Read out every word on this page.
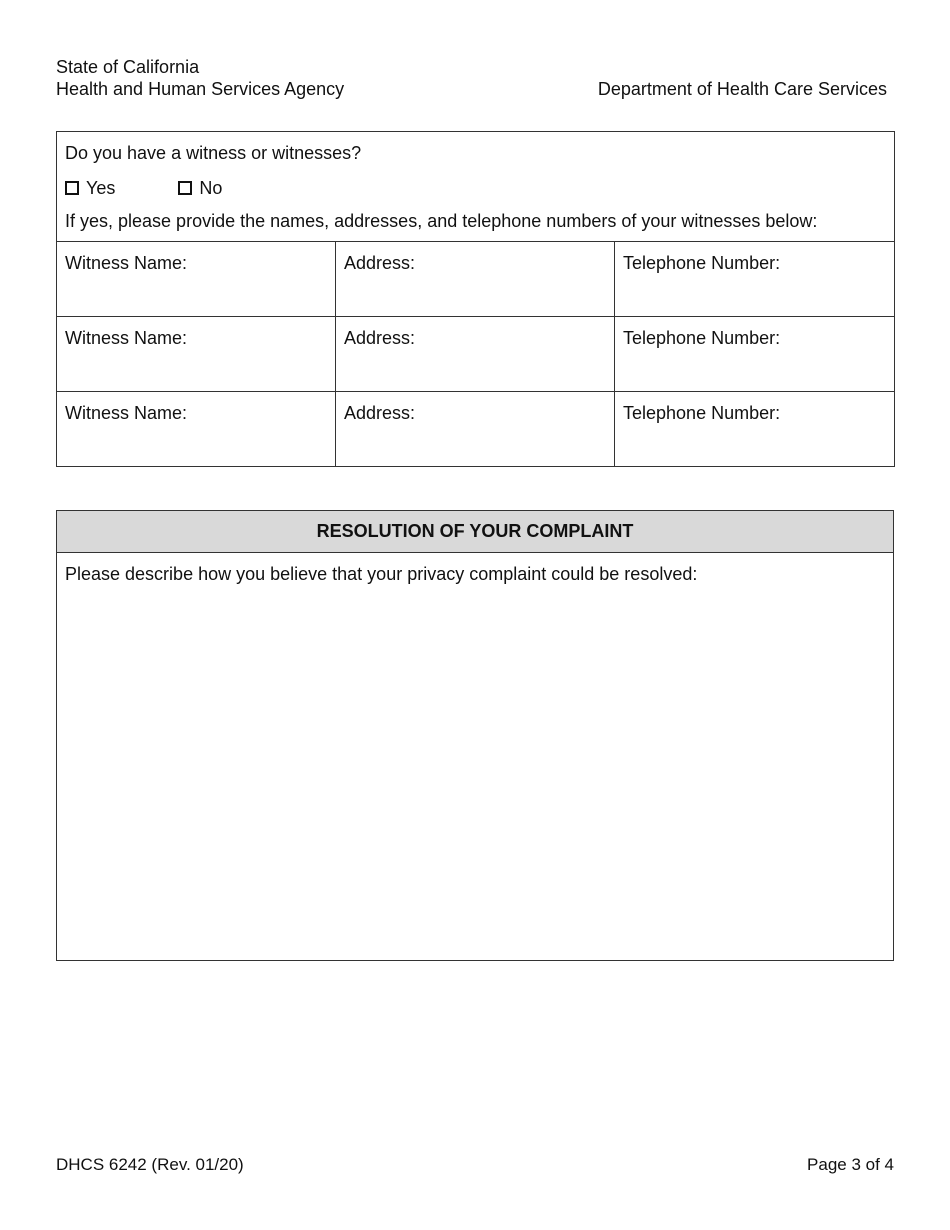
State of California
Health and Human Services Agency	Department of Health Care Services
Do you have a witness or witnesses?
Yes No
If yes, please provide the names, addresses, and telephone numbers of your witnesses below:		

Witness Name:	Address:	Telephone Number:
Witness Name:	Address:	Telephone Number:
Witness Name:	Address:	Telephone Number:
RESOLUTION OF YOUR COMPLAINT
Please describe how you believe that your privacy complaint could be resolved:
DHCS 6242 (Rev. 01/20)	Page 3 of 4
